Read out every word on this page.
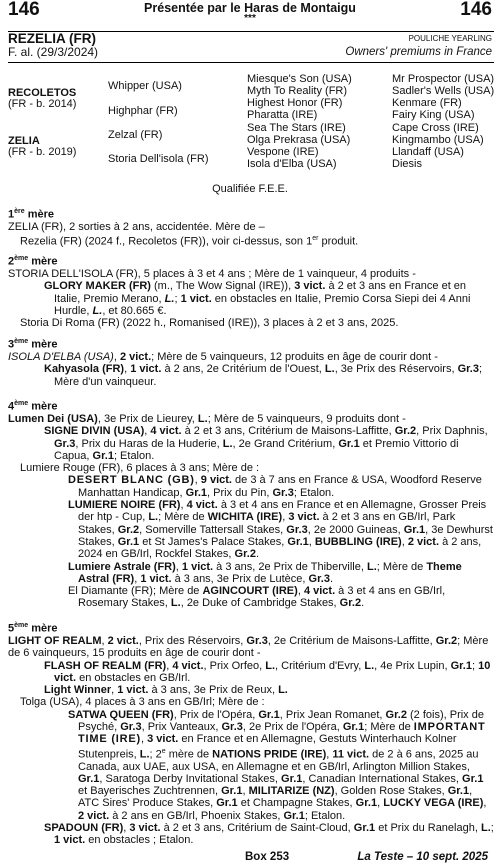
146	146
Présentée par le Haras de Montaigu
***
REZELIA (FR)
F. al. (29/3/2024)
POULICHE YEARLING
Owners' premiums in France
RECOLETOS
(FR - b. 2014)
ZELIA
(FR - b. 2019)
Whipper (USA)
Highphar (FR)
Zelzal (FR)
Storia Dell'isola (FR)
Miesque's Son (USA)
Myth To Reality (FR)
Highest Honor (FR)
Pharatta (IRE)
Sea The Stars (IRE)
Olga Prekrasa (USA)
Vespone (IRE)
Isola d'Elba (USA)
Mr Prospector (USA)
Sadler's Wells (USA)
Kenmare (FR)
Fairy King (USA)
Cape Cross (IRE)
Kingmambo (USA)
Llandaff (USA)
Diesis
Qualifiée F.E.E.
1ère mère
ZELIA (FR), 2 sorties à 2 ans, accidentée. Mère de –
Rezelia (FR) (2024 f., Recoletos (FR)), voir ci-dessus, son 1er produit.
2ème mère
STORIA DELL'ISOLA (FR), 5 places à 3 et 4 ans ; Mère de 1 vainqueur, 4 produits -
GLORY MAKER (FR) (m., The Wow Signal (IRE)), 3 vict. à 2 et 3 ans en France et en Italie, Premio Merano, L.; 1 vict. en obstacles en Italie, Premio Corsa Siepi dei 4 Anni Hurdle, L., et 80.665 €.
Storia Di Roma (FR) (2022 h., Romanised (IRE)), 3 places à 2 et 3 ans, 2025.
3ème mère
ISOLA D'ELBA (USA), 2 vict.; Mère de 5 vainqueurs, 12 produits en âge de courir dont -
Kahyasola (FR), 1 vict. à 2 ans, 2e Critérium de l'Ouest, L., 3e Prix des Réservoirs, Gr.3; Mère d'un vainqueur.
4ème mère
Lumen Dei (USA), 3e Prix de Lieurey, L.; Mère de 5 vainqueurs, 9 produits dont -
SIGNE DIVIN (USA), 4 vict. à 2 et 3 ans, Critérium de Maisons-Laffitte, Gr.2, Prix Daphnis, Gr.3, Prix du Haras de la Huderie, L., 2e Grand Critérium, Gr.1 et Premio Vittorio di Capua, Gr.1; Etalon.
Lumiere Rouge (FR), 6 places à 3 ans; Mère de :
DESERT BLANC (GB), 9 vict. de 3 à 7 ans en France & USA, Woodford Reserve Manhattan Handicap, Gr.1, Prix du Pin, Gr.3; Etalon.
LUMIERE NOIRE (FR), 4 vict. à 3 et 4 ans en France et en Allemagne, Grosser Preis der htp - Cup, L.; Mère de WICHITA (IRE), 3 vict. à 2 et 3 ans en GB/Irl, Park Stakes, Gr.2, Somerville Tattersall Stakes, Gr.3, 2e 2000 Guineas, Gr.1, 3e Dewhurst Stakes, Gr.1 et St James's Palace Stakes, Gr.1, BUBBLING (IRE), 2 vict. à 2 ans, 2024 en GB/Irl, Rockfel Stakes, Gr.2.
Lumiere Astrale (FR), 1 vict. à 3 ans, 2e Prix de Thiberville, L.; Mère de Theme Astral (FR), 1 vict. à 3 ans, 3e Prix de Lutèce, Gr.3.
El Diamante (FR); Mère de AGINCOURT (IRE), 4 vict. à 3 et 4 ans en GB/Irl, Rosemary Stakes, L., 2e Duke of Cambridge Stakes, Gr.2.
5ème mère
LIGHT OF REALM, 2 vict., Prix des Réservoirs, Gr.3, 2e Critérium de Maisons-Laffitte, Gr.2; Mère de 6 vainqueurs, 15 produits en âge de courir dont -
FLASH OF REALM (FR), 4 vict., Prix Orfeo, L., Critérium d'Evry, L., 4e Prix Lupin, Gr.1; 10 vict. en obstacles en GB/Irl.
Light Winner, 1 vict. à 3 ans, 3e Prix de Reux, L.
Tolga (USA), 4 places à 3 ans en GB/Irl; Mère de :
SATWA QUEEN (FR), Prix de l'Opéra, Gr.1, Prix Jean Romanet, Gr.2 (2 fois), Prix de Psyché, Gr.3, Prix Vanteaux, Gr.3, 2e Prix de l'Opéra, Gr.1; Mère de IMPORTANT TIME (IRE), 3 vict. en France et en Allemagne, Gestuts Winterhauch Kolner Stutenpreis, L.; 2e mère de NATIONS PRIDE (IRE), 11 vict. de 2 à 6 ans, 2025 au Canada, aux UAE, aux USA, en Allemagne et en GB/Irl, Arlington Million Stakes, Gr.1, Saratoga Derby Invitational Stakes, Gr.1, Canadian International Stakes, Gr.1 et Bayerisches Zuchtrennen, Gr.1, MILITARIZE (NZ), Golden Rose Stakes, Gr.1, ATC Sires' Produce Stakes, Gr.1 et Champagne Stakes, Gr.1, LUCKY VEGA (IRE), 2 vict. à 2 ans en GB/Irl, Phoenix Stakes, Gr.1; Etalon.
SPADOUN (FR), 3 vict. à 2 et 3 ans, Critérium de Saint-Cloud, Gr.1 et Prix du Ranelagh, L.; 1 vict. en obstacles ; Etalon.
Box 253	La Teste – 10 sept. 2025
